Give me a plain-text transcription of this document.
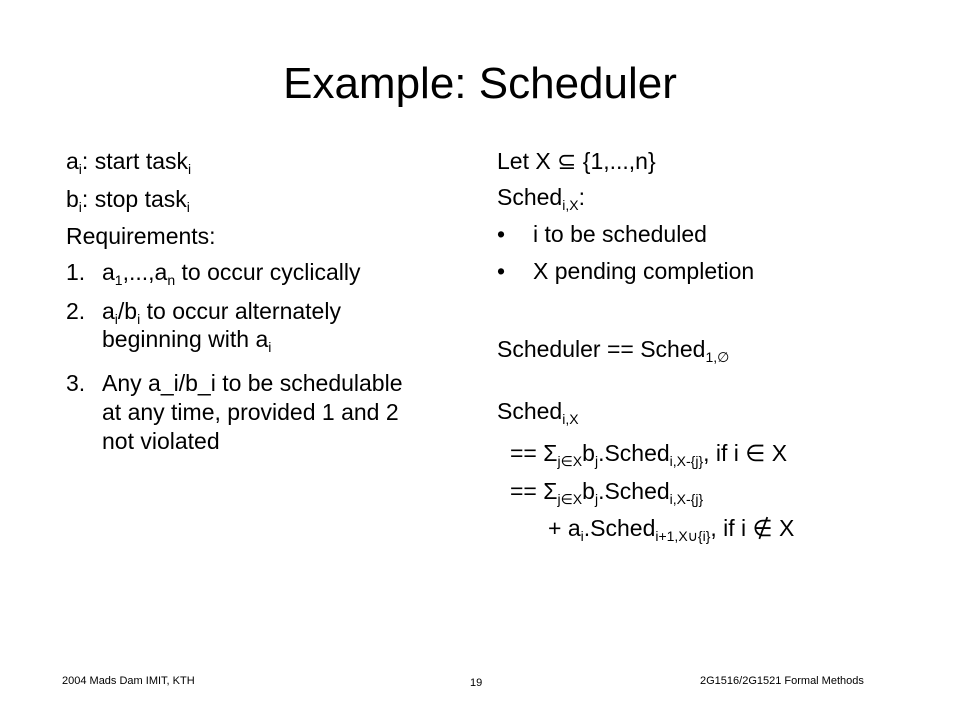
Example: Scheduler
$a_i$: start task$_i$
$b_i$: stop task$_i$
Requirements:
1. $a_1,...,a_n$ to occur cyclically
2. $a_i/b_i$ to occur alternately
beginning with $a_i$
3. Any a_i/b_i to be schedulable
at any time, provided 1 and 2
not violated
Let X ⊆ {1,...,n}
Sched$_{i,X}$:
• i to be scheduled
• X pending completion
Scheduler == Sched$_{1,\emptyset}$
Sched$_{i,X}$
== $\Sigma_{j\in X}b_j.Sched_{i,X-\{j\}}$, if i ∈ X
== $\Sigma_{j\in X}b_j.Sched_{i,X-\{j\}}$
+ $a_i.Sched_{i+1,X\cup\{i\}}$, if i ∉ X
2004 Mads Dam IMIT, KTH	19	2G1516/2G1521 Formal Methods
